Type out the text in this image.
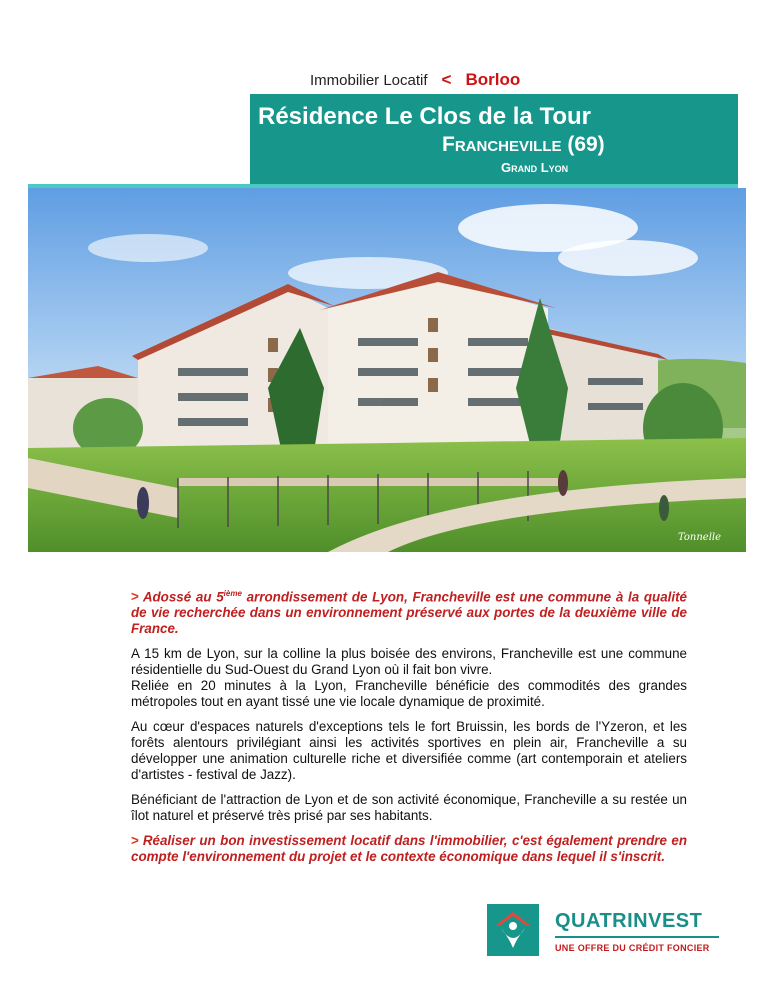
Immobilier Locatif < Borloo
Résidence Le Clos de la Tour
Francheville (69)
Grand Lyon
Tonnelle

> Adossé au 5ième arrondissement de Lyon, Francheville est une commune à la qualité de vie recherchée dans un environnement préservé aux portes de la deuxième ville de France.

A 15 km de Lyon, sur la colline la plus boisée des environs, Francheville est une commune résidentielle du Sud-Ouest du Grand Lyon où il fait bon vivre.
Reliée en 20 minutes à la Lyon, Francheville bénéficie des commodités des grandes métropoles tout en ayant tissé une vie locale dynamique de proximité.

Au cœur d'espaces naturels d'exceptions tels le fort Bruissin, les bords de l'Yzeron, et les forêts alentours privilégiant ainsi les activités sportives en plein air, Francheville a su développer une animation culturelle riche et diversifiée comme (art contemporain et ateliers d'artistes - festival de Jazz).

Bénéficiant de l'attraction de Lyon et de son activité économique, Francheville a su restée un îlot naturel et préservé très prisé par ses habitants.

> Réaliser un bon investissement locatif dans l'immobilier, c'est également prendre en compte l'environnement du projet et le contexte économique dans lequel il s'inscrit.

QUATRINVEST
UNE OFFRE DU CRÉDIT FONCIER
